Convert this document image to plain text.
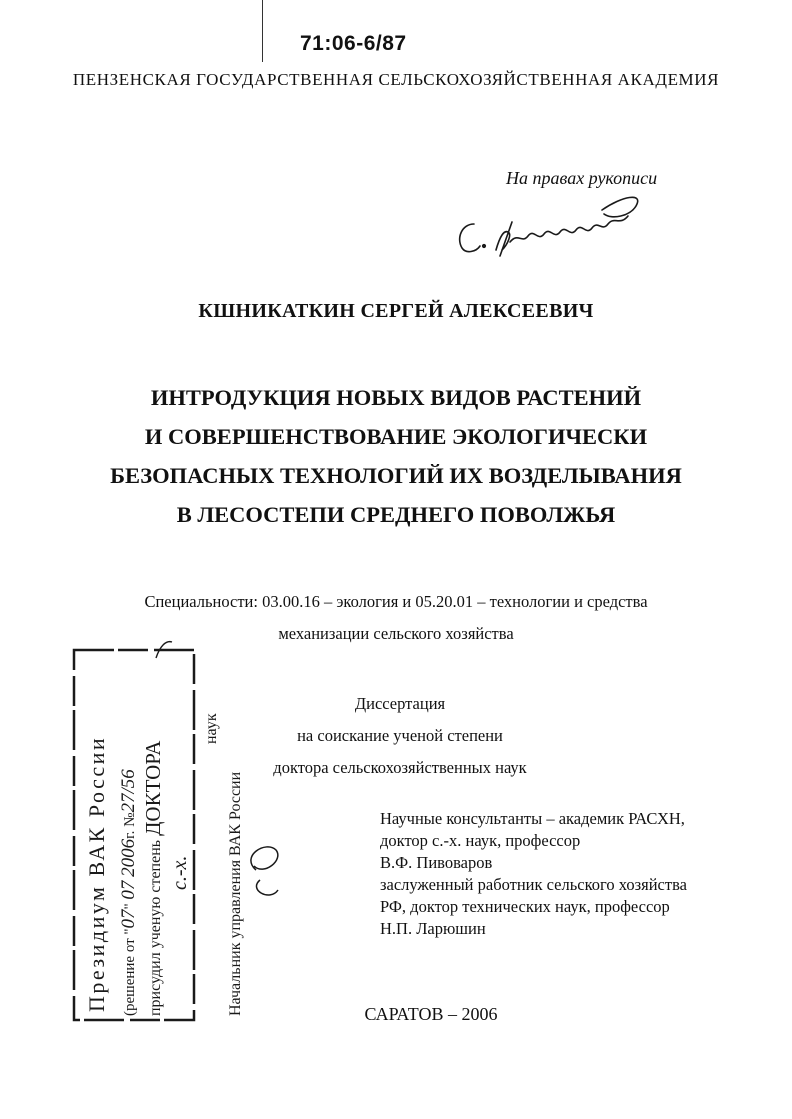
71:06-6/87
ПЕНЗЕНСКАЯ ГОСУДАРСТВЕННАЯ СЕЛЬСКОХОЗЯЙСТВЕННАЯ АКАДЕМИЯ
На правах рукописи
КШНИКАТКИН СЕРГЕЙ АЛЕКСЕЕВИЧ
ИНТРОДУКЦИЯ НОВЫХ ВИДОВ РАСТЕНИЙ
И СОВЕРШЕНСТВОВАНИЕ ЭКОЛОГИЧЕСКИ
БЕЗОПАСНЫХ ТЕХНОЛОГИЙ ИХ ВОЗДЕЛЫВАНИЯ
В ЛЕСОСТЕПИ СРЕДНЕГО ПОВОЛЖЬЯ
Специальности: 03.00.16 – экология и 05.20.01 – технологии и средства
механизации сельского хозяйства
Диссертация
на соискание ученой степени
доктора сельскохозяйственных наук
Научные консультанты – академик РАСХН,
доктор с.-х. наук, профессор
В.Ф. Пивоваров
заслуженный работник сельского хозяйства
РФ, доктор технических наук, профессор
Н.П. Ларюшин
САРАТОВ – 2006
Президиум ВАК России (решение от "07" 07 2006г. №27/56
присудил ученую степень ДОКТОРА
с.-х.
наук
Начальник управления ВАК России
